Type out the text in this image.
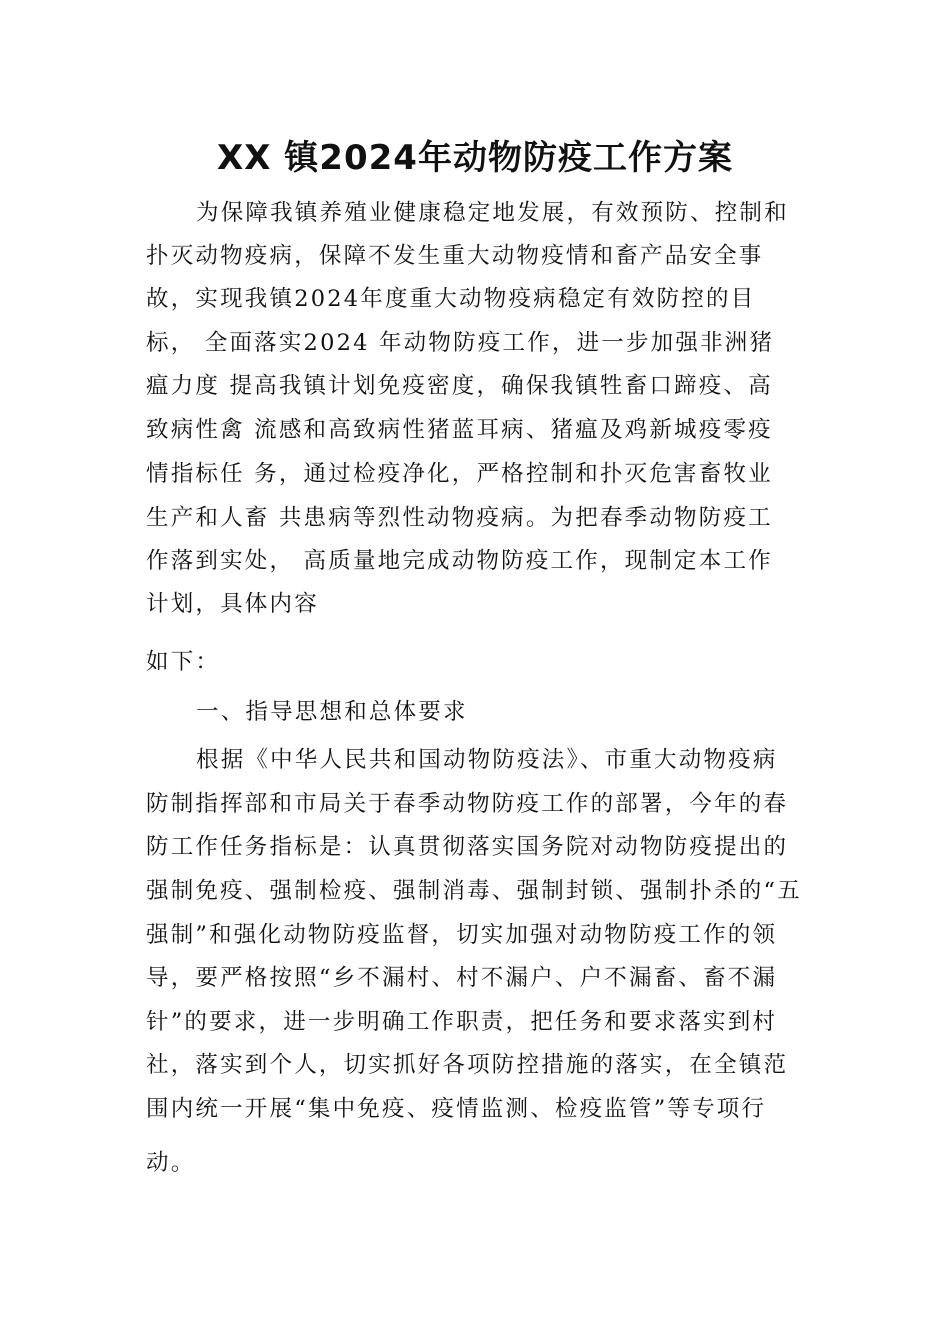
XX 镇2024年动物防疫工作方案
为保障我镇养殖业健康稳定地发展，有效预防、控制和
扑灭动物疫病，保障不发生重大动物疫情和畜产品安全事
故，实现我镇2024年度重大动物疫病稳定有效防控的目
标， 全面落实2024 年动物防疫工作，进一步加强非洲猪
瘟力度 提高我镇计划免疫密度，确保我镇牲畜口蹄疫、高
致病性禽 流感和高致病性猪蓝耳病、猪瘟及鸡新城疫零疫
情指标任 务，通过检疫净化，严格控制和扑灭危害畜牧业
生产和人畜 共患病等烈性动物疫病。为把春季动物防疫工
作落到实处， 高质量地完成动物防疫工作，现制定本工作
计划，具体内容
如下：
一、指导思想和总体要求
根据《中华人民共和国动物防疫法》、市重大动物疫病
防制指挥部和市局关于春季动物防疫工作的部署，今年的春
防工作任务指标是：认真贯彻落实国务院对动物防疫提出的
强制免疫、强制检疫、强制消毒、强制封锁、强制扑杀的“五
强制”和强化动物防疫监督，切实加强对动物防疫工作的领
导，要严格按照“乡不漏村、村不漏户、户不漏畜、畜不漏
针”的要求，进一步明确工作职责，把任务和要求落实到村
社，落实到个人，切实抓好各项防控措施的落实，在全镇范
围内统一开展“集中免疫、疫情监测、检疫监管”等专项行
动。
